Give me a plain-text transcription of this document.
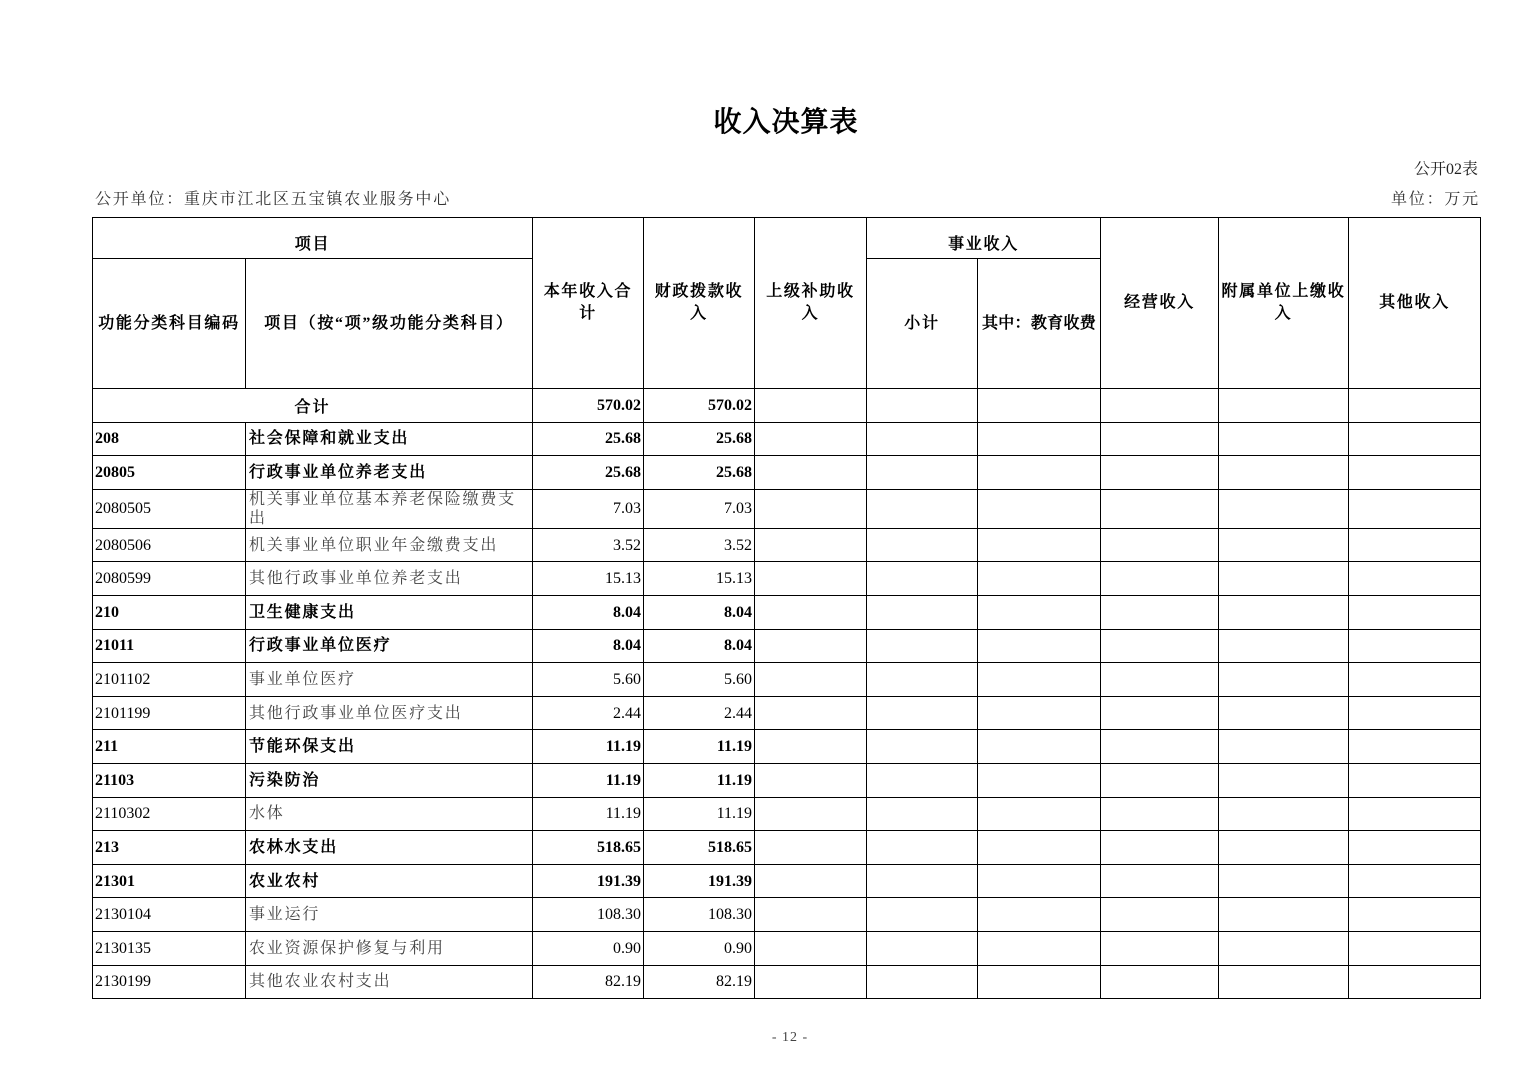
收入决算表
公开02表
公开单位：重庆市江北区五宝镇农业服务中心	单位：万元
项目		本年收入合计	财政拨款收入	上级补助收入	事业收入		经营收入	附属单位上缴收入	其他收入
功能分类科目编码	项目（按“项”级功能分类科目）				小计	其中：教育收费			
合计		570.02	570.02						
208	社会保障和就业支出	25.68	25.68						
20805	行政事业单位养老支出	25.68	25.68						
2080505	机关事业单位基本养老保险缴费支出	7.03	7.03						
2080506	机关事业单位职业年金缴费支出	3.52	3.52						
2080599	其他行政事业单位养老支出	15.13	15.13						
210	卫生健康支出	8.04	8.04						
21011	行政事业单位医疗	8.04	8.04						
2101102	事业单位医疗	5.60	5.60						
2101199	其他行政事业单位医疗支出	2.44	2.44						
211	节能环保支出	11.19	11.19						
21103	污染防治	11.19	11.19						
2110302	水体	11.19	11.19						
213	农林水支出	518.65	518.65						
21301	农业农村	191.39	191.39						
2130104	事业运行	108.30	108.30						
2130135	农业资源保护修复与利用	0.90	0.90						
2130199	其他农业农村支出	82.19	82.19						
- 12 -
